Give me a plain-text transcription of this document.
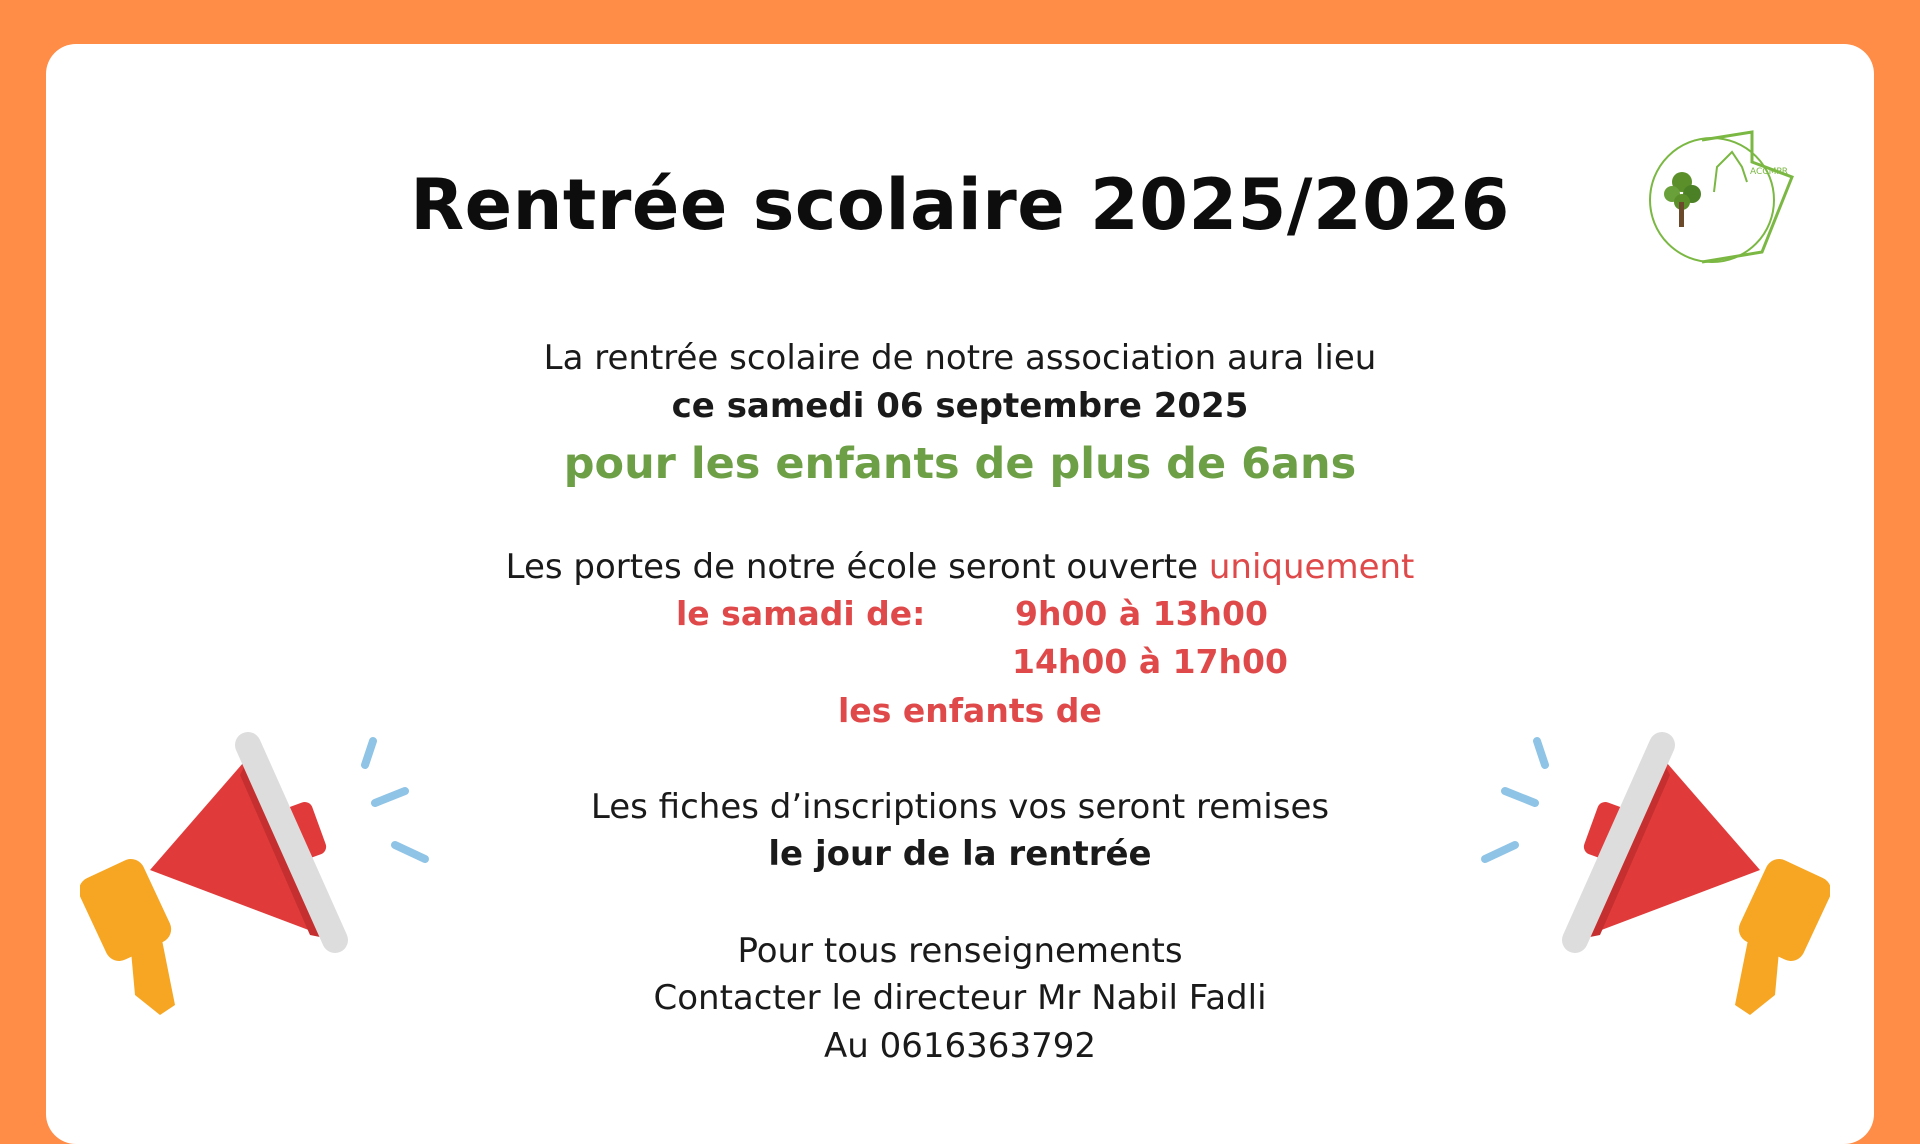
ACCMPR
Rentrée scolaire 2025/2026
La rentrée scolaire de notre association aura lieu
ce samedi 06 septembre 2025
pour les enfants de plus de 6ans
Les portes de notre école seront ouverte uniquement
le samadi de:	9h00 à 13h00
14h00 à 17h00
les enfants de
Les fiches d’inscriptions vos seront remises
le jour de la rentrée
Pour tous renseignements
Contacter le directeur Mr Nabil Fadli
Au 0616363792
